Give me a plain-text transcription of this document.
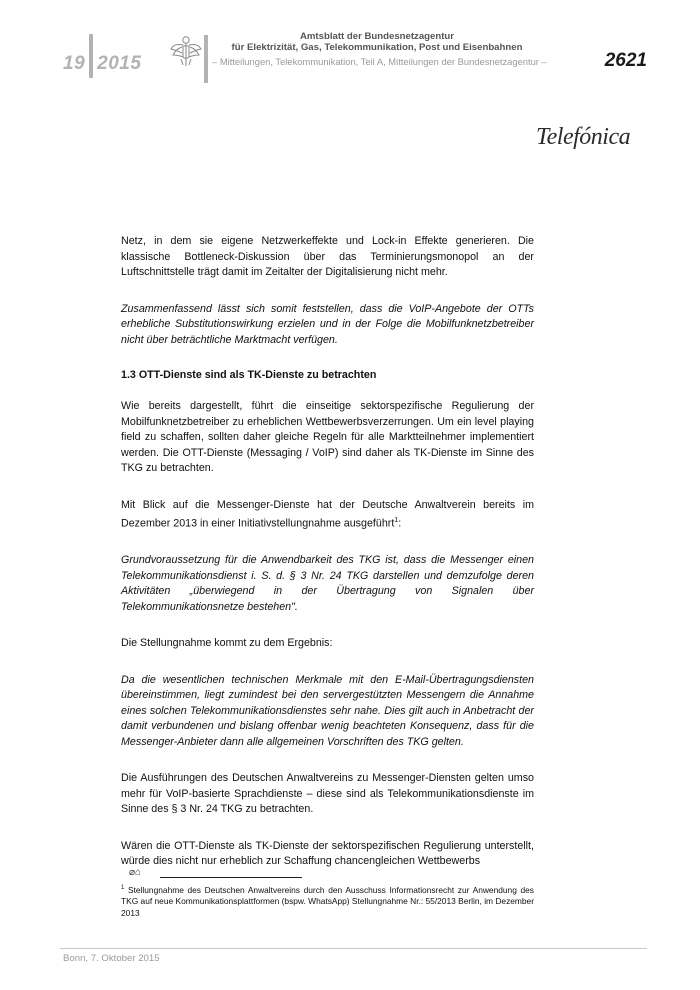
19 2015
Amtsblatt der Bundesnetzagentur
für Elektrizität, Gas, Telekommunikation, Post und Eisenbahnen
– Mitteilungen, Telekommunikation, Teil A, Mitteilungen der Bundesnetzagentur –	2621
Telefónica

Netz, in dem sie eigene Netzwerkeffekte und Lock-in Effekte generieren. Die klassische Bottleneck-Diskussion über das Terminierungsmonopol an der Luftschnittstelle trägt damit im Zeitalter der Digitalisierung nicht mehr.

Zusammenfassend lässt sich somit feststellen, dass die VoIP-Angebote der OTTs erhebliche Substitutionswirkung erzielen und in der Folge die Mobilfunknetzbetreiber nicht über beträchtliche Marktmacht verfügen.

1.3 OTT-Dienste sind als TK-Dienste zu betrachten

Wie bereits dargestellt, führt die einseitige sektorspezifische Regulierung der Mobilfunknetzbetreiber zu erheblichen Wettbewerbsverzerrungen. Um ein level playing field zu schaffen, sollten daher gleiche Regeln für alle Marktteilnehmer implementiert werden. Die OTT-Dienste (Messaging / VoIP) sind daher als TK-Dienste im Sinne des TKG zu betrachten.

Mit Blick auf die Messenger-Dienste hat der Deutsche Anwaltverein bereits im Dezember 2013 in einer Initiativstellungnahme ausgeführt$^1$:

Grundvoraussetzung für die Anwendbarkeit des TKG ist, dass die Messenger einen Telekommunikationsdienst i. S. d. § 3 Nr. 24 TKG darstellen und demzufolge deren Aktivitäten „überwiegend in der Übertragung von Signalen über Telekommunikationsnetze bestehen".

Die Stellungnahme kommt zu dem Ergebnis:

Da die wesentlichen technischen Merkmale mit den E-Mail-Übertragungsdiensten übereinstimmen, liegt zumindest bei den servergestützten Messengern die Annahme eines solchen Telekommunikationsdienstes sehr nahe. Dies gilt auch in Anbetracht der damit verbundenen und bislang offenbar wenig beachteten Konsequenz, dass für die Messenger-Anbieter dann alle allgemeinen Vorschriften des TKG gelten.

Die Ausführungen des Deutschen Anwaltvereins zu Messenger-Diensten gelten umso mehr für VoIP-basierte Sprachdienste – diese sind als Telekommunikationsdienste im Sinne des § 3 Nr. 24 TKG zu betrachten.

Wären die OTT-Dienste als TK-Dienste der sektorspezifischen Regulierung unterstellt, würde dies nicht nur erheblich zur Schaffung chancengleichen Wettbewerbs

⌀⌂
$^1$ Stellungnahme des Deutschen Anwaltvereins durch den Ausschuss Informationsrecht zur Anwendung des TKG auf neue Kommunikationsplattformen (bspw. WhatsApp) Stellungnahme Nr.: 55/2013 Berlin, im Dezember 2013
Bonn, 7. Oktober 2015
